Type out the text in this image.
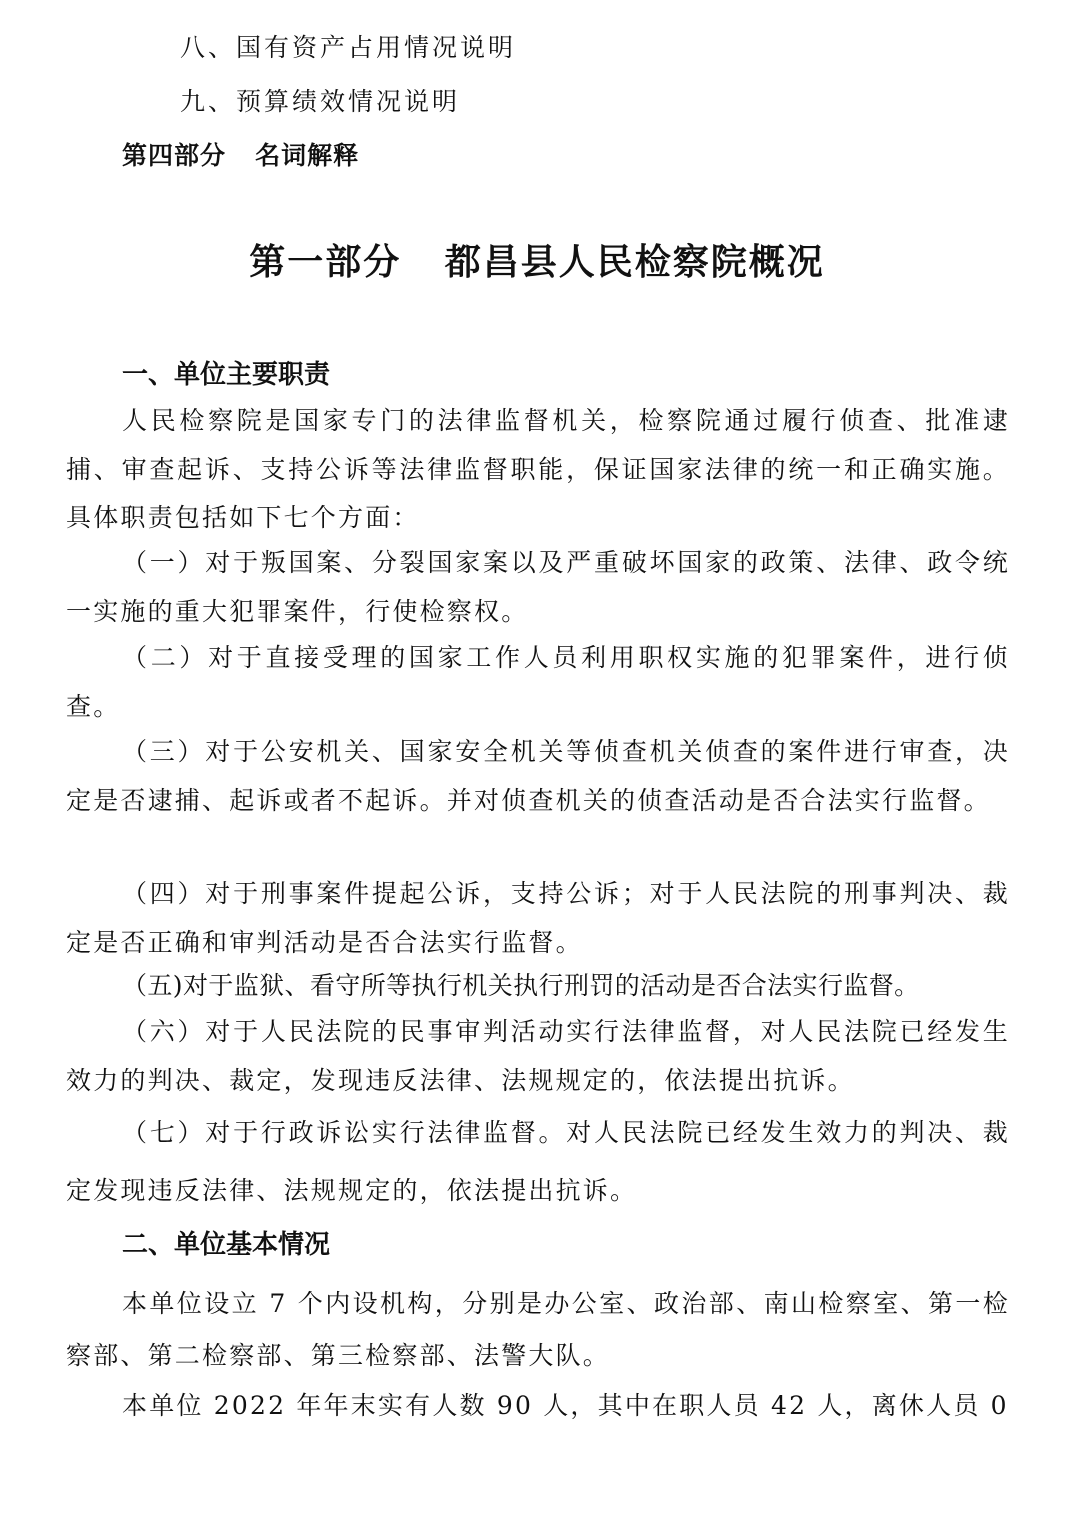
八、国有资产占用情况说明
九、预算绩效情况说明
第四部分   名词解释
第一部分   都昌县人民检察院概况
一、单位主要职责

人民检察院是国家专门的法律监督机关，检察院通过履行侦查、批准逮捕、审查起诉、支持公诉等法律监督职能，保证国家法律的统一和正确实施。具体职责包括如下七个方面：

（一）对于叛国案、分裂国家案以及严重破坏国家的政策、法律、政令统一实施的重大犯罪案件，行使检察权。

（二）对于直接受理的国家工作人员利用职权实施的犯罪案件，进行侦查。

（三）对于公安机关、国家安全机关等侦查机关侦查的案件进行审查，决定是否逮捕、起诉或者不起诉。并对侦查机关的侦查活动是否合法实行监督。

（四）对于刑事案件提起公诉，支持公诉；对于人民法院的刑事判决、裁定是否正确和审判活动是否合法实行监督。

（五)对于监狱、看守所等执行机关执行刑罚的活动是否合法实行监督。

（六）对于人民法院的民事审判活动实行法律监督，对人民法院已经发生效力的判决、裁定，发现违反法律、法规规定的，依法提出抗诉。

（七）对于行政诉讼实行法律监督。对人民法院已经发生效力的判决、裁定发现违反法律、法规规定的，依法提出抗诉。

二、单位基本情况

本单位设立 7 个内设机构，分别是办公室、政治部、南山检察室、第一检察部、第二检察部、第三检察部、法警大队。

本单位 2022 年年末实有人数 90 人，其中在职人员 42 人，离休人员 0
